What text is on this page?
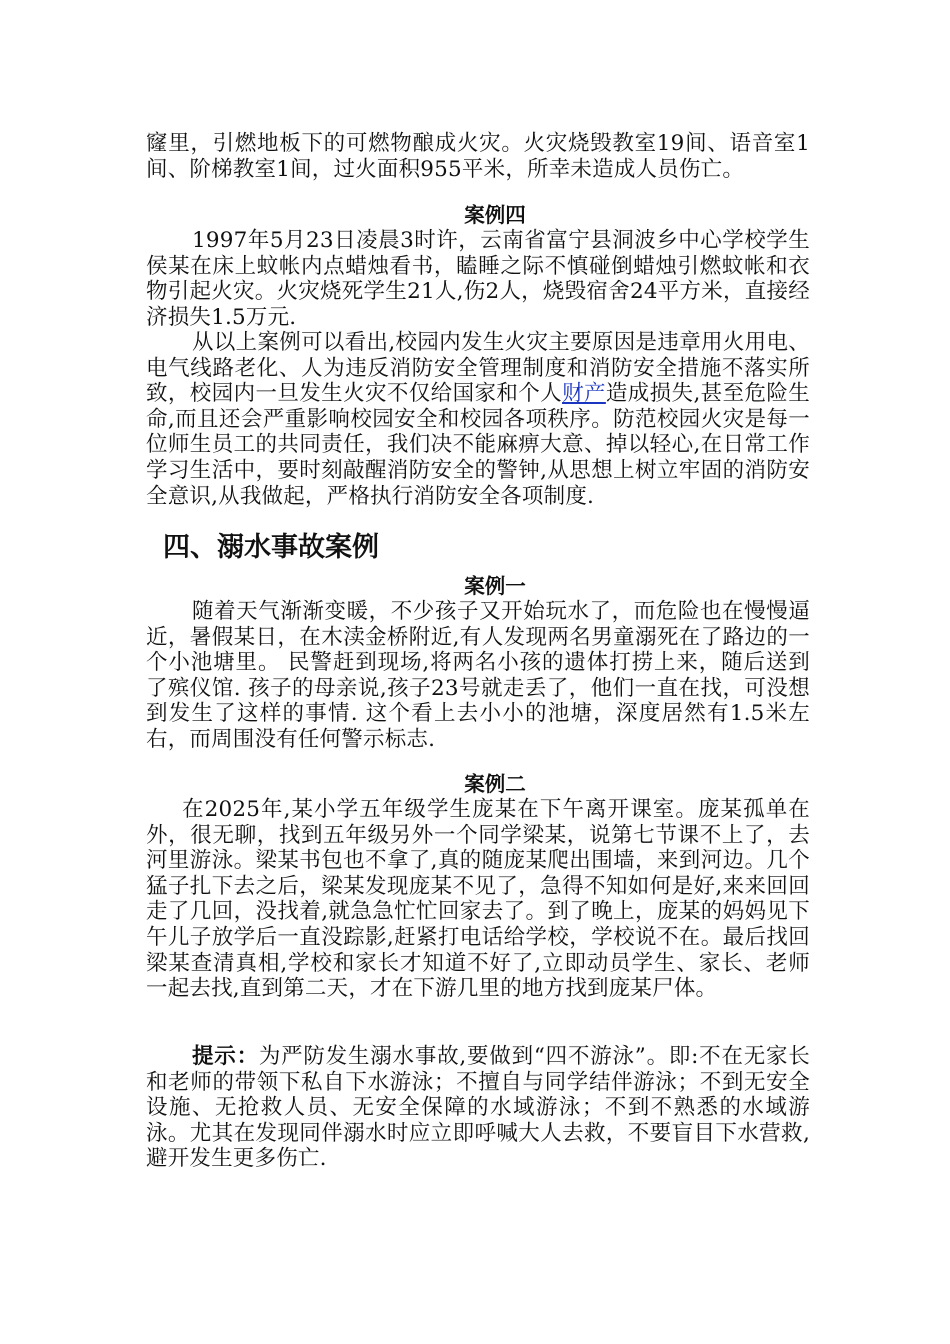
窿里，引燃地板下的可燃物酿成火灾。火灾烧毁教室19间、语音室1间、阶梯教室1间，过火面积955平米，所幸未造成人员伤亡。
案例四
1997年5月23日凌晨3时许，云南省富宁县洞波乡中心学校学生侯某在床上蚊帐内点蜡烛看书，瞌睡之际不慎碰倒蜡烛引燃蚊帐和衣物引起火灾。火灾烧死学生21人,伤2人，烧毁宿舍24平方米，直接经济损失1.5万元.
从以上案例可以看出,校园内发生火灾主要原因是违章用火用电、电气线路老化、人为违反消防安全管理制度和消防安全措施不落实所致，校园内一旦发生火灾不仅给国家和个人财产造成损失,甚至危险生命,而且还会严重影响校园安全和校园各项秩序。防范校园火灾是每一位师生员工的共同责任，我们决不能麻痹大意、掉以轻心,在日常工作学习生活中，要时刻敲醒消防安全的警钟,从思想上树立牢固的消防安全意识,从我做起，严格执行消防安全各项制度.
四、溺水事故案例
案例一
随着天气渐渐变暖，不少孩子又开始玩水了，而危险也在慢慢逼近，暑假某日，在木渎金桥附近,有人发现两名男童溺死在了路边的一个小池塘里。 民警赶到现场,将两名小孩的遗体打捞上来，随后送到了殡仪馆. 孩子的母亲说,孩子23号就走丢了，他们一直在找，可没想到发生了这样的事情. 这个看上去小小的池塘，深度居然有1.5米左右，而周围没有任何警示标志.
案例二
在2025年,某小学五年级学生庞某在下午离开课室。庞某孤单在外，很无聊，找到五年级另外一个同学梁某，说第七节课不上了，去河里游泳。梁某书包也不拿了,真的随庞某爬出围墙，来到河边。几个猛子扎下去之后，梁某发现庞某不见了，急得不知如何是好,来来回回走了几回，没找着,就急急忙忙回家去了。到了晚上，庞某的妈妈见下午儿子放学后一直没踪影,赶紧打电话给学校，学校说不在。最后找回梁某查清真相,学校和家长才知道不好了,立即动员学生、家长、老师一起去找,直到第二天，才在下游几里的地方找到庞某尸体。
提示：为严防发生溺水事故,要做到“四不游泳”。即:不在无家长和老师的带领下私自下水游泳；不擅自与同学结伴游泳；不到无安全设施、无抢救人员、无安全保障的水域游泳；不到不熟悉的水域游泳。尤其在发现同伴溺水时应立即呼喊大人去救，不要盲目下水营救,避开发生更多伤亡.
